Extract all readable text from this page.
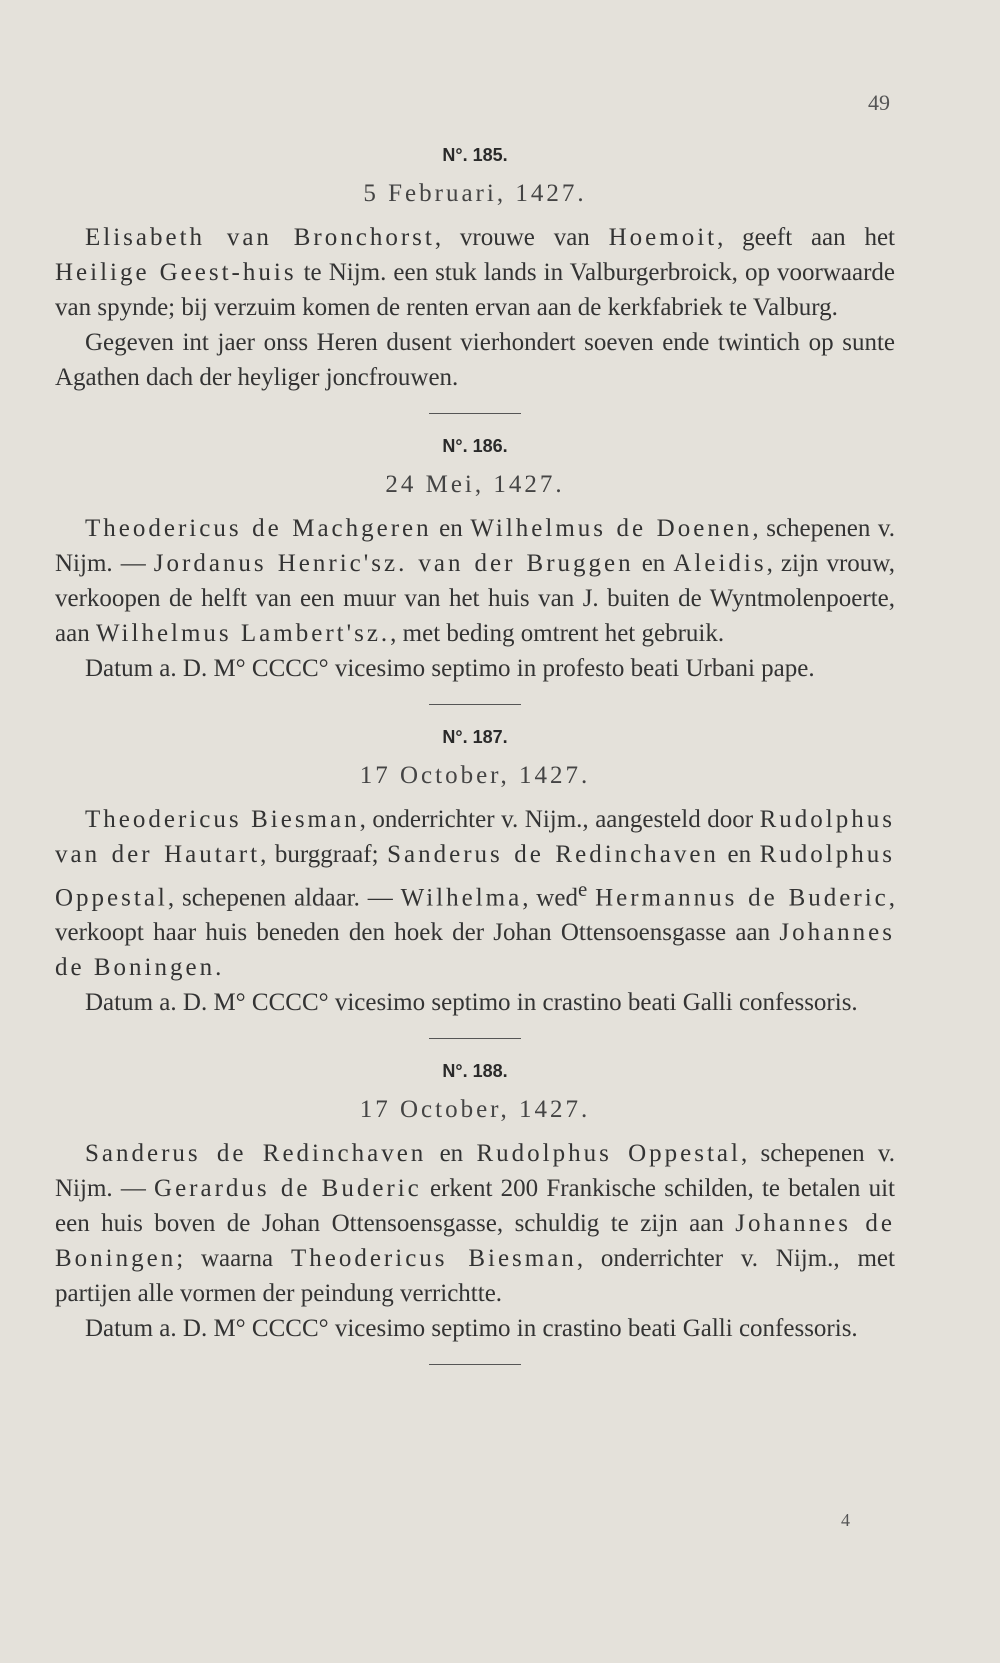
49
N°. 185.
5 Februari, 1427.

Elisabeth van Bronchorst, vrouwe van Hoemoit, geeft aan het Heilige Geest-huis te Nijm. een stuk lands in Valburgerbroick, op voorwaarde van spynde; bij verzuim komen de renten ervan aan de kerkfabriek te Valburg.

Gegeven int jaer onss Heren dusent vierhondert soeven ende twintich op sunte Agathen dach der heyliger joncfrouwen.

N°. 186.
24 Mei, 1427.

Theodericus de Machgeren en Wilhelmus de Doenen, schepenen v. Nijm. — Jordanus Henric'sz. van der Bruggen en Aleidis, zijn vrouw, verkoopen de helft van een muur van het huis van J. buiten de Wyntmolenpoerte, aan Wilhelmus Lambert'sz., met beding omtrent het gebruik.

Datum a. D. M° CCCC° vicesimo septimo in profesto beati Urbani pape.

N°. 187.
17 October, 1427.

Theodericus Biesman, onderrichter v. Nijm., aangesteld door Rudolphus van der Hautart, burggraaf; Sanderus de Redinchaven en Rudolphus Oppestal, schepenen aldaar. — Wilhelma, wed$^e$ Hermannus de Buderic, verkoopt haar huis beneden den hoek der Johan Ottensoensgasse aan Johannes de Boningen.

Datum a. D. M° CCCC° vicesimo septimo in crastino beati Galli confessoris.

N°. 188.
17 October, 1427.

Sanderus de Redinchaven en Rudolphus Oppestal, schepenen v. Nijm. — Gerardus de Buderic erkent 200 Frankische schilden, te betalen uit een huis boven de Johan Ottensoensgasse, schuldig te zijn aan Johannes de Boningen; waarna Theodericus Biesman, onderrichter v. Nijm., met partijen alle vormen der peindung verrichtte.

Datum a. D. M° CCCC° vicesimo septimo in crastino beati Galli confessoris.

4
